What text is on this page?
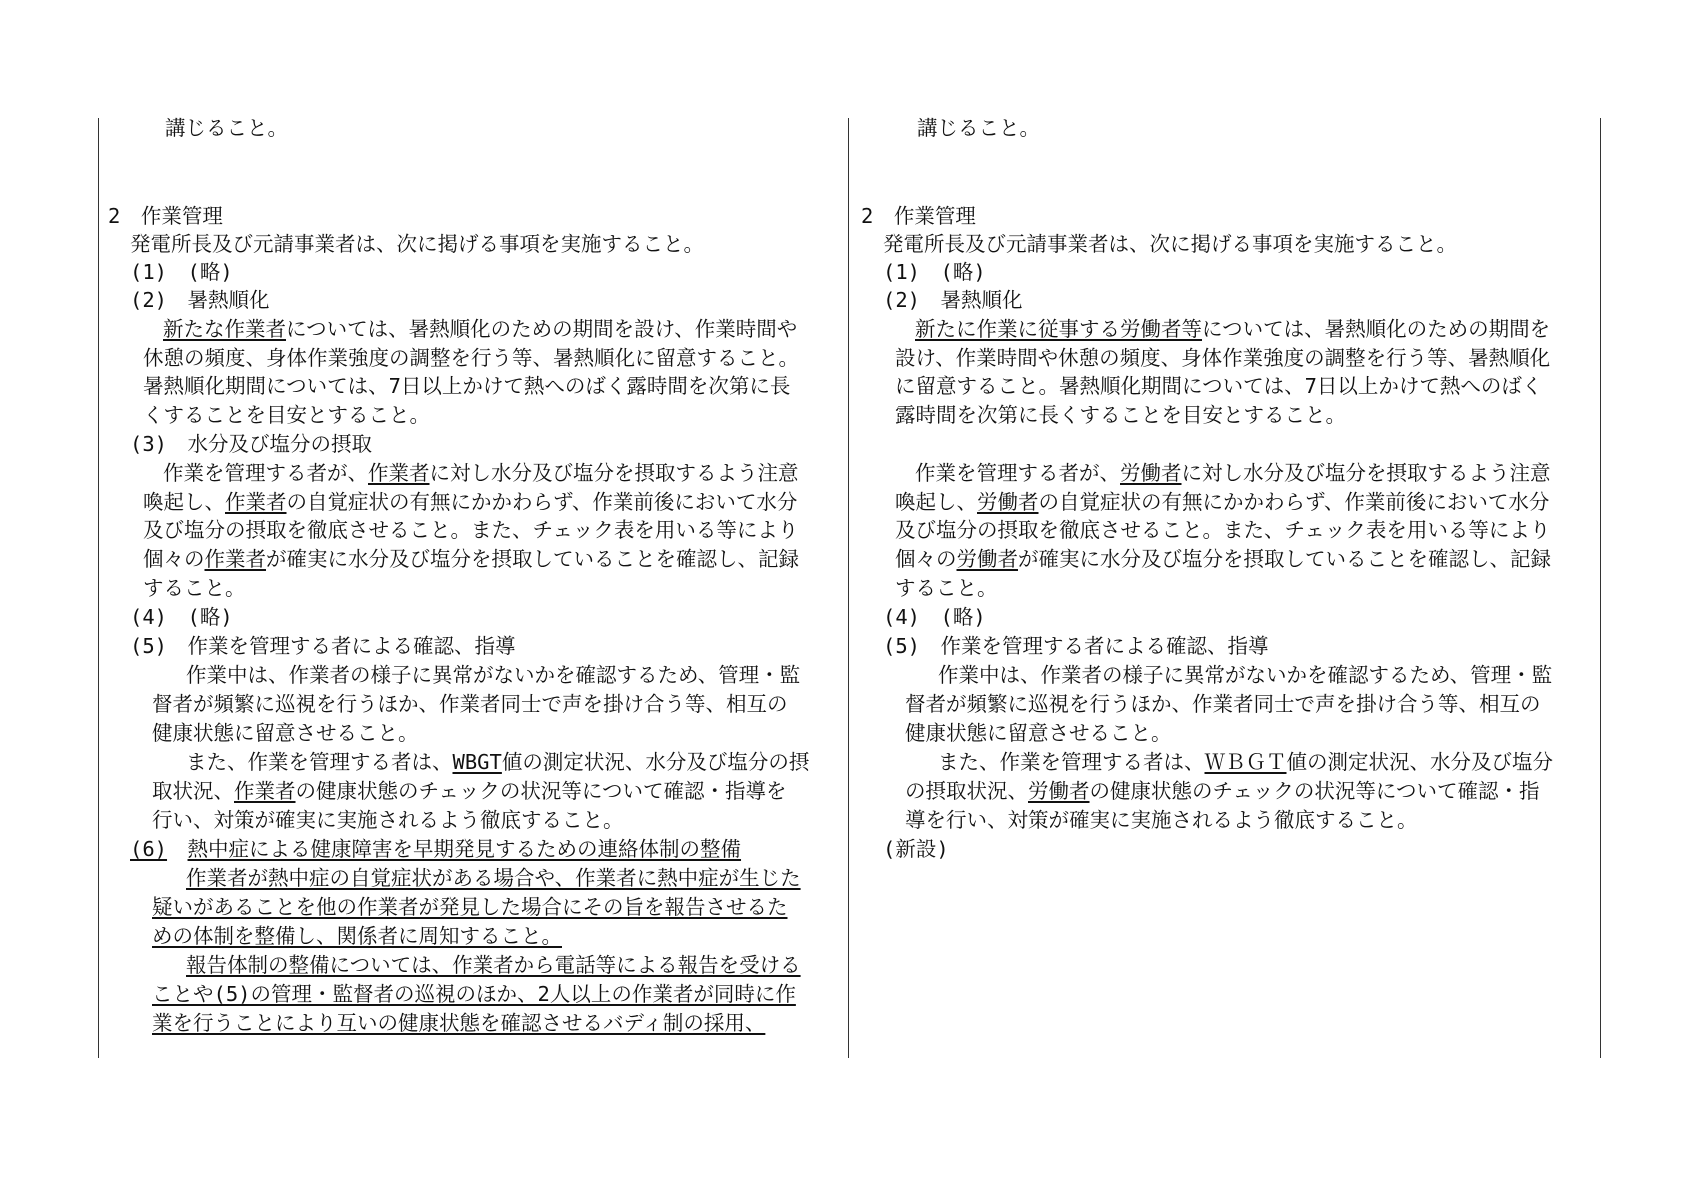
講じること。
2　作業管理
発電所長及び元請事業者は、次に掲げる事項を実施すること。
(1)　(略)
(2)　暑熱順化
新たな作業者については、暑熱順化のための期間を設け、作業時間や
休憩の頻度、身体作業強度の調整を行う等、暑熱順化に留意すること。
暑熱順化期間については、7日以上かけて熱へのばく露時間を次第に長
くすることを目安とすること。
(3)　水分及び塩分の摂取
作業を管理する者が、作業者に対し水分及び塩分を摂取するよう注意
喚起し、作業者の自覚症状の有無にかかわらず、作業前後において水分
及び塩分の摂取を徹底させること。また、チェック表を用いる等により
個々の作業者が確実に水分及び塩分を摂取していることを確認し、記録
すること。
(4)　(略)
(5)　作業を管理する者による確認、指導
作業中は、作業者の様子に異常がないかを確認するため、管理・監
督者が頻繁に巡視を行うほか、作業者同士で声を掛け合う等、相互の
健康状態に留意させること。
また、作業を管理する者は、WBGT値の測定状況、水分及び塩分の摂
取状況、作業者の健康状態のチェックの状況等について確認・指導を
行い、対策が確実に実施されるよう徹底すること。
(6)　 熱中症による健康障害を早期発見するための連絡体制の整備
作業者が熱中症の自覚症状がある場合や、作業者に熱中症が生じた
疑いがあることを他の作業者が発見した場合にその旨を報告させるた
めの体制を整備し、関係者に周知すること。
報告体制の整備については、作業者から電話等による報告を受ける
ことや(5)の管理・監督者の巡視のほか、2人以上の作業者が同時に作
業を行うことにより互いの健康状態を確認させるバディ制の採用、
講じること。
2　作業管理
発電所長及び元請事業者は、次に掲げる事項を実施すること。
(1)　(略)
(2)　暑熱順化
新たに作業に従事する労働者等については、暑熱順化のための期間を
設け、作業時間や休憩の頻度、身体作業強度の調整を行う等、暑熱順化
に留意すること。暑熱順化期間については、7日以上かけて熱へのばく
露時間を次第に長くすることを目安とすること。
作業を管理する者が、労働者に対し水分及び塩分を摂取するよう注意
喚起し、労働者の自覚症状の有無にかかわらず、作業前後において水分
及び塩分の摂取を徹底させること。また、チェック表を用いる等により
個々の労働者が確実に水分及び塩分を摂取していることを確認し、記録
すること。
(4)　(略)
(5)　作業を管理する者による確認、指導
作業中は、作業者の様子に異常がないかを確認するため、管理・監
督者が頻繁に巡視を行うほか、作業者同士で声を掛け合う等、相互の
健康状態に留意させること。
また、作業を管理する者は、ＷＢＧＴ値の測定状況、水分及び塩分
の摂取状況、労働者の健康状態のチェックの状況等について確認・指
導を行い、対策が確実に実施されるよう徹底すること。
(新設)
